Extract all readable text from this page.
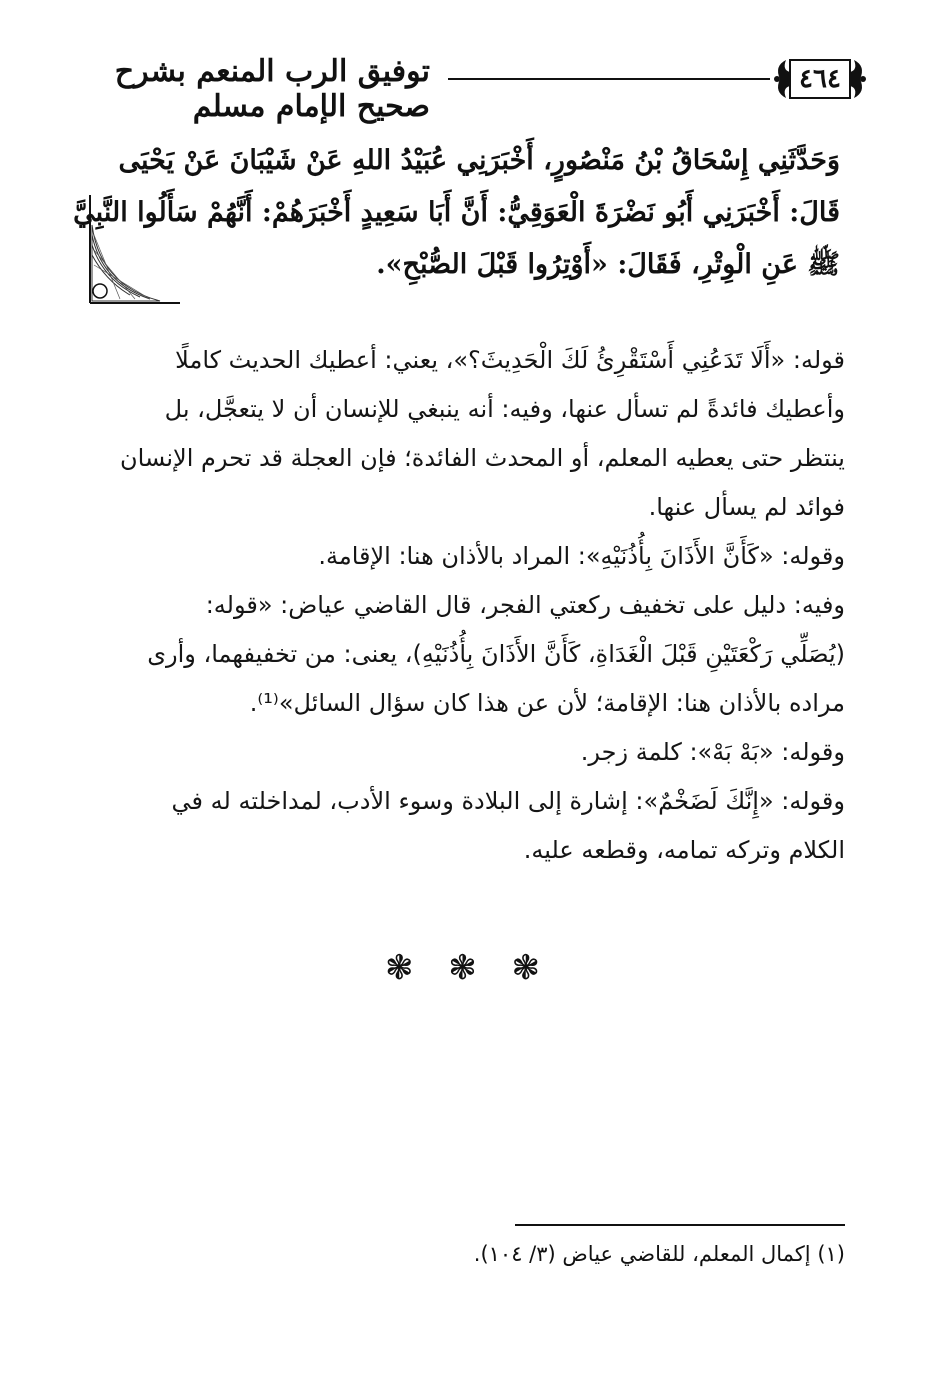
توفيق الرب المنعم بشرح صحيح الإمام مسلم
٤٦٤
وَحَدَّثَنِي إِسْحَاقُ بْنُ مَنْصُورٍ، أَخْبَرَنِي عُبَيْدُ اللهِ عَنْ شَيْبَانَ عَنْ يَحْيَى
قَالَ: أَخْبَرَنِي أَبُو نَضْرَةَ الْعَوَقِيُّ: أَنَّ أَبَا سَعِيدٍ أَخْبَرَهُمْ: أَنَّهُمْ سَأَلُوا النَّبِيَّ
ﷺ عَنِ الْوِتْرِ، فَقَالَ: «أَوْتِرُوا قَبْلَ الصُّبْحِ».
قوله: «أَلَا تَدَعُنِي أَسْتَقْرِئُ لَكَ الْحَدِيثَ؟»، يعني: أعطيك الحديث كاملًا
وأعطيك فائدةً لم تسأل عنها، وفيه: أنه ينبغي للإنسان أن لا يتعجَّل، بل
ينتظر حتى يعطيه المعلم، أو المحدث الفائدة؛ فإن العجلة قد تحرم الإنسان
فوائد لم يسأل عنها.
وقوله: «كَأَنَّ الأَذَانَ بِأُذُنَيْهِ»: المراد بالأذان هنا: الإقامة.
وفيه: دليل على تخفيف ركعتي الفجر، قال القاضي عياض: «قوله:
(يُصَلِّي رَكْعَتَيْنِ قَبْلَ الْغَدَاةِ، كَأَنَّ الأَذَانَ بِأُذُنَيْهِ)، يعنى: من تخفيفهما، وأرى
مراده بالأذان هنا: الإقامة؛ لأن عن هذا كان سؤال السائل»⁽¹⁾.
وقوله: «بَهْ بَهْ»: كلمة زجر.
وقوله: «إِنَّكَ لَضَخْمٌ»: إشارة إلى البلادة وسوء الأدب، لمداخلته له في
الكلام وتركه تمامه، وقطعه عليه.
❃ ❃ ❃
(١) إكمال المعلم، للقاضي عياض (٣/ ١٠٤).
